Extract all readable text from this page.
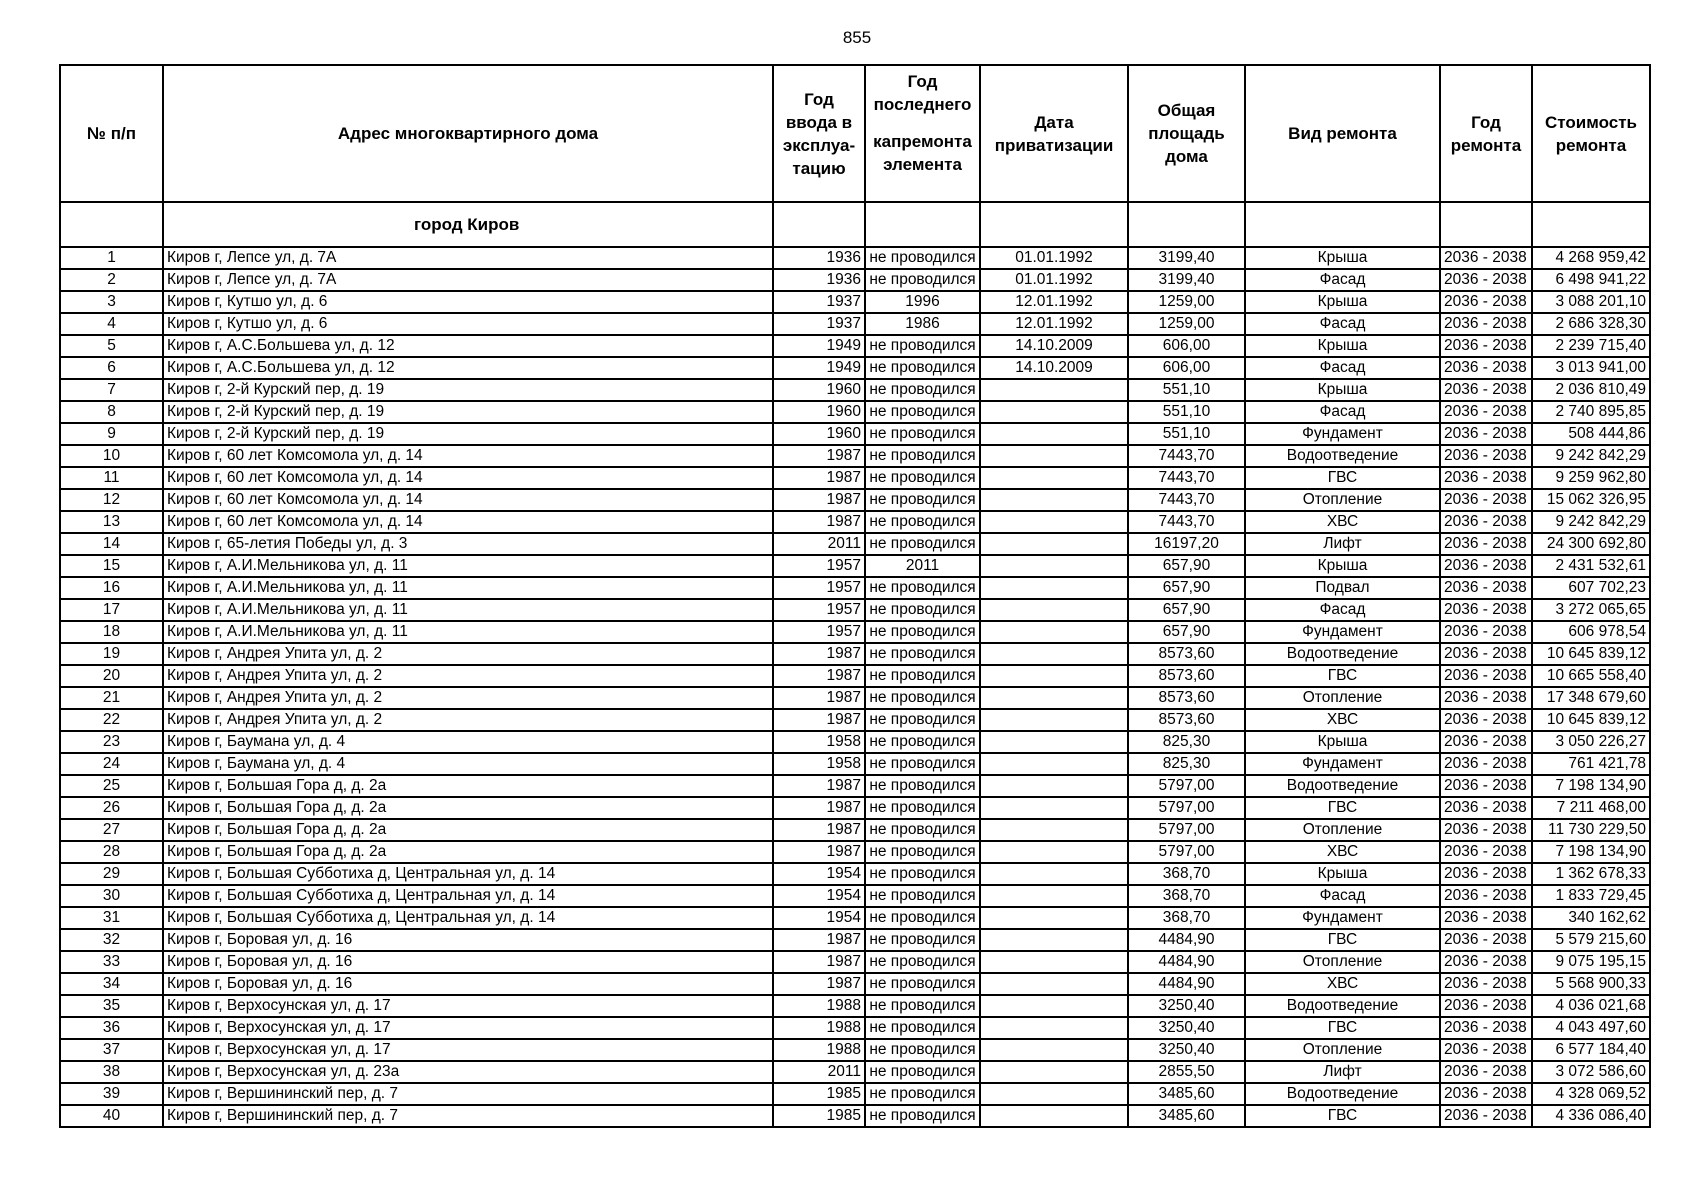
855
№ п/п	Адрес многоквартирного дома	Год ввода в эксплуа- тацию	Год последнего
капремонта элемента	Дата приватизации	Общая площадь дома	Вид ремонта	Год ремонта	Стоимость ремонта
	город Киров							
1	Киров г, Лепсе ул, д. 7А	1936	не проводился	01.01.1992	3199,40	Крыша	2036 - 2038	4 268 959,42
2	Киров г, Лепсе ул, д. 7А	1936	не проводился	01.01.1992	3199,40	Фасад	2036 - 2038	6 498 941,22
3	Киров г, Кутшо ул, д. 6	1937	1996	12.01.1992	1259,00	Крыша	2036 - 2038	3 088 201,10
4	Киров г, Кутшо ул, д. 6	1937	1986	12.01.1992	1259,00	Фасад	2036 - 2038	2 686 328,30
5	Киров г, А.С.Большева ул, д. 12	1949	не проводился	14.10.2009	606,00	Крыша	2036 - 2038	2 239 715,40
6	Киров г, А.С.Большева ул, д. 12	1949	не проводился	14.10.2009	606,00	Фасад	2036 - 2038	3 013 941,00
7	Киров г, 2-й Курский пер, д. 19	1960	не проводился		551,10	Крыша	2036 - 2038	2 036 810,49
8	Киров г, 2-й Курский пер, д. 19	1960	не проводился		551,10	Фасад	2036 - 2038	2 740 895,85
9	Киров г, 2-й Курский пер, д. 19	1960	не проводился		551,10	Фундамент	2036 - 2038	508 444,86
10	Киров г, 60 лет Комсомола ул, д. 14	1987	не проводился		7443,70	Водоотведение	2036 - 2038	9 242 842,29
11	Киров г, 60 лет Комсомола ул, д. 14	1987	не проводился		7443,70	ГВС	2036 - 2038	9 259 962,80
12	Киров г, 60 лет Комсомола ул, д. 14	1987	не проводился		7443,70	Отопление	2036 - 2038	15 062 326,95
13	Киров г, 60 лет Комсомола ул, д. 14	1987	не проводился		7443,70	ХВС	2036 - 2038	9 242 842,29
14	Киров г, 65-летия Победы ул, д. 3	2011	не проводился		16197,20	Лифт	2036 - 2038	24 300 692,80
15	Киров г, А.И.Мельникова ул, д. 11	1957	2011		657,90	Крыша	2036 - 2038	2 431 532,61
16	Киров г, А.И.Мельникова ул, д. 11	1957	не проводился		657,90	Подвал	2036 - 2038	607 702,23
17	Киров г, А.И.Мельникова ул, д. 11	1957	не проводился		657,90	Фасад	2036 - 2038	3 272 065,65
18	Киров г, А.И.Мельникова ул, д. 11	1957	не проводился		657,90	Фундамент	2036 - 2038	606 978,54
19	Киров г, Андрея Упита ул, д. 2	1987	не проводился		8573,60	Водоотведение	2036 - 2038	10 645 839,12
20	Киров г, Андрея Упита ул, д. 2	1987	не проводился		8573,60	ГВС	2036 - 2038	10 665 558,40
21	Киров г, Андрея Упита ул, д. 2	1987	не проводился		8573,60	Отопление	2036 - 2038	17 348 679,60
22	Киров г, Андрея Упита ул, д. 2	1987	не проводился		8573,60	ХВС	2036 - 2038	10 645 839,12
23	Киров г, Баумана ул, д. 4	1958	не проводился		825,30	Крыша	2036 - 2038	3 050 226,27
24	Киров г, Баумана ул, д. 4	1958	не проводился		825,30	Фундамент	2036 - 2038	761 421,78
25	Киров г, Большая Гора д, д. 2а	1987	не проводился		5797,00	Водоотведение	2036 - 2038	7 198 134,90
26	Киров г, Большая Гора д, д. 2а	1987	не проводился		5797,00	ГВС	2036 - 2038	7 211 468,00
27	Киров г, Большая Гора д, д. 2а	1987	не проводился		5797,00	Отопление	2036 - 2038	11 730 229,50
28	Киров г, Большая Гора д, д. 2а	1987	не проводился		5797,00	ХВС	2036 - 2038	7 198 134,90
29	Киров г, Большая Субботиха д, Центральная ул, д. 14	1954	не проводился		368,70	Крыша	2036 - 2038	1 362 678,33
30	Киров г, Большая Субботиха д, Центральная ул, д. 14	1954	не проводился		368,70	Фасад	2036 - 2038	1 833 729,45
31	Киров г, Большая Субботиха д, Центральная ул, д. 14	1954	не проводился		368,70	Фундамент	2036 - 2038	340 162,62
32	Киров г, Боровая ул, д. 16	1987	не проводился		4484,90	ГВС	2036 - 2038	5 579 215,60
33	Киров г, Боровая ул, д. 16	1987	не проводился		4484,90	Отопление	2036 - 2038	9 075 195,15
34	Киров г, Боровая ул, д. 16	1987	не проводился		4484,90	ХВС	2036 - 2038	5 568 900,33
35	Киров г, Верхосунская ул, д. 17	1988	не проводился		3250,40	Водоотведение	2036 - 2038	4 036 021,68
36	Киров г, Верхосунская ул, д. 17	1988	не проводился		3250,40	ГВС	2036 - 2038	4 043 497,60
37	Киров г, Верхосунская ул, д. 17	1988	не проводился		3250,40	Отопление	2036 - 2038	6 577 184,40
38	Киров г, Верхосунская ул, д. 23а	2011	не проводился		2855,50	Лифт	2036 - 2038	3 072 586,60
39	Киров г, Вершининский пер, д. 7	1985	не проводился		3485,60	Водоотведение	2036 - 2038	4 328 069,52
40	Киров г, Вершининский пер, д. 7	1985	не проводился		3485,60	ГВС	2036 - 2038	4 336 086,40
